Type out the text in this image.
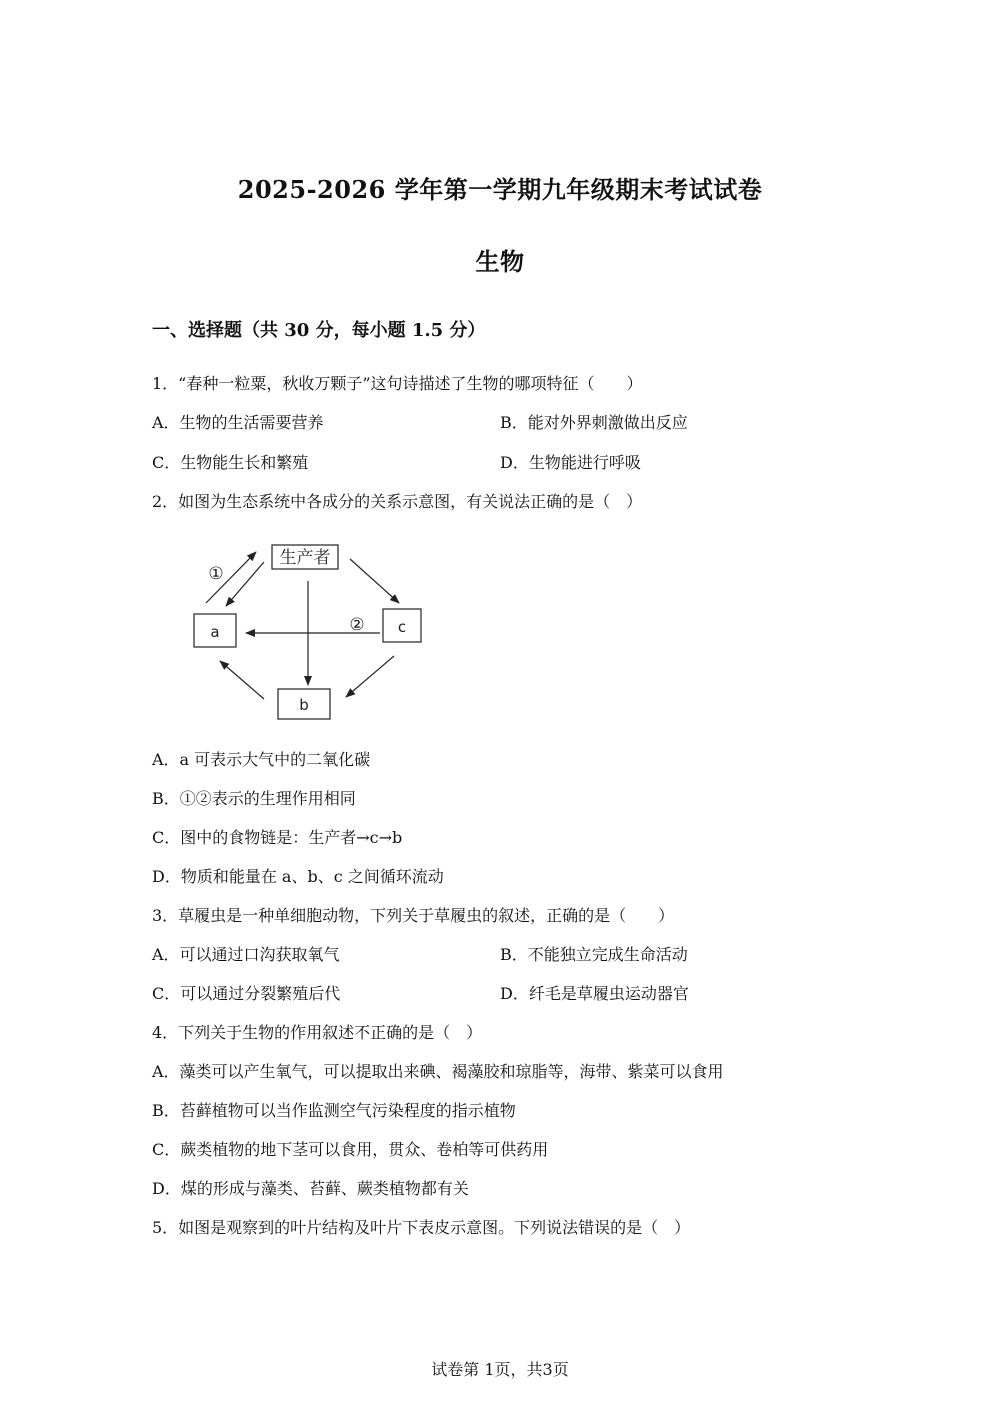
2025-2026 学年第一学期九年级期末考试试卷
生物
一、选择题（共 30 分，每小题 1.5 分）
1．“春种一粒粟，秋收万颗子”这句诗描述了生物的哪项特征（　　）
A．生物的生活需要营养	B．能对外界刺激做出反应
C．生物能生长和繁殖	D．生物能进行呼吸
2．如图为生态系统中各成分的关系示意图，有关说法正确的是（　）
生产者
a	c
b
①
②
A．a 可表示大气中的二氧化碳
B．①②表示的生理作用相同
C．图中的食物链是：生产者→c→b
D．物质和能量在 a、b、c 之间循环流动
3．草履虫是一种单细胞动物，下列关于草履虫的叙述，正确的是（　　）
A．可以通过口沟获取氧气	B．不能独立完成生命活动
C．可以通过分裂繁殖后代	D．纤毛是草履虫运动器官
4．下列关于生物的作用叙述不正确的是（　）
A．藻类可以产生氧气，可以提取出来碘、褐藻胶和琼脂等，海带、紫菜可以食用
B．苔藓植物可以当作监测空气污染程度的指示植物
C．蕨类植物的地下茎可以食用，贯众、卷柏等可供药用
D．煤的形成与藻类、苔藓、蕨类植物都有关
5．如图是观察到的叶片结构及叶片下表皮示意图。下列说法错误的是（　）
试卷第 1页，共3页
